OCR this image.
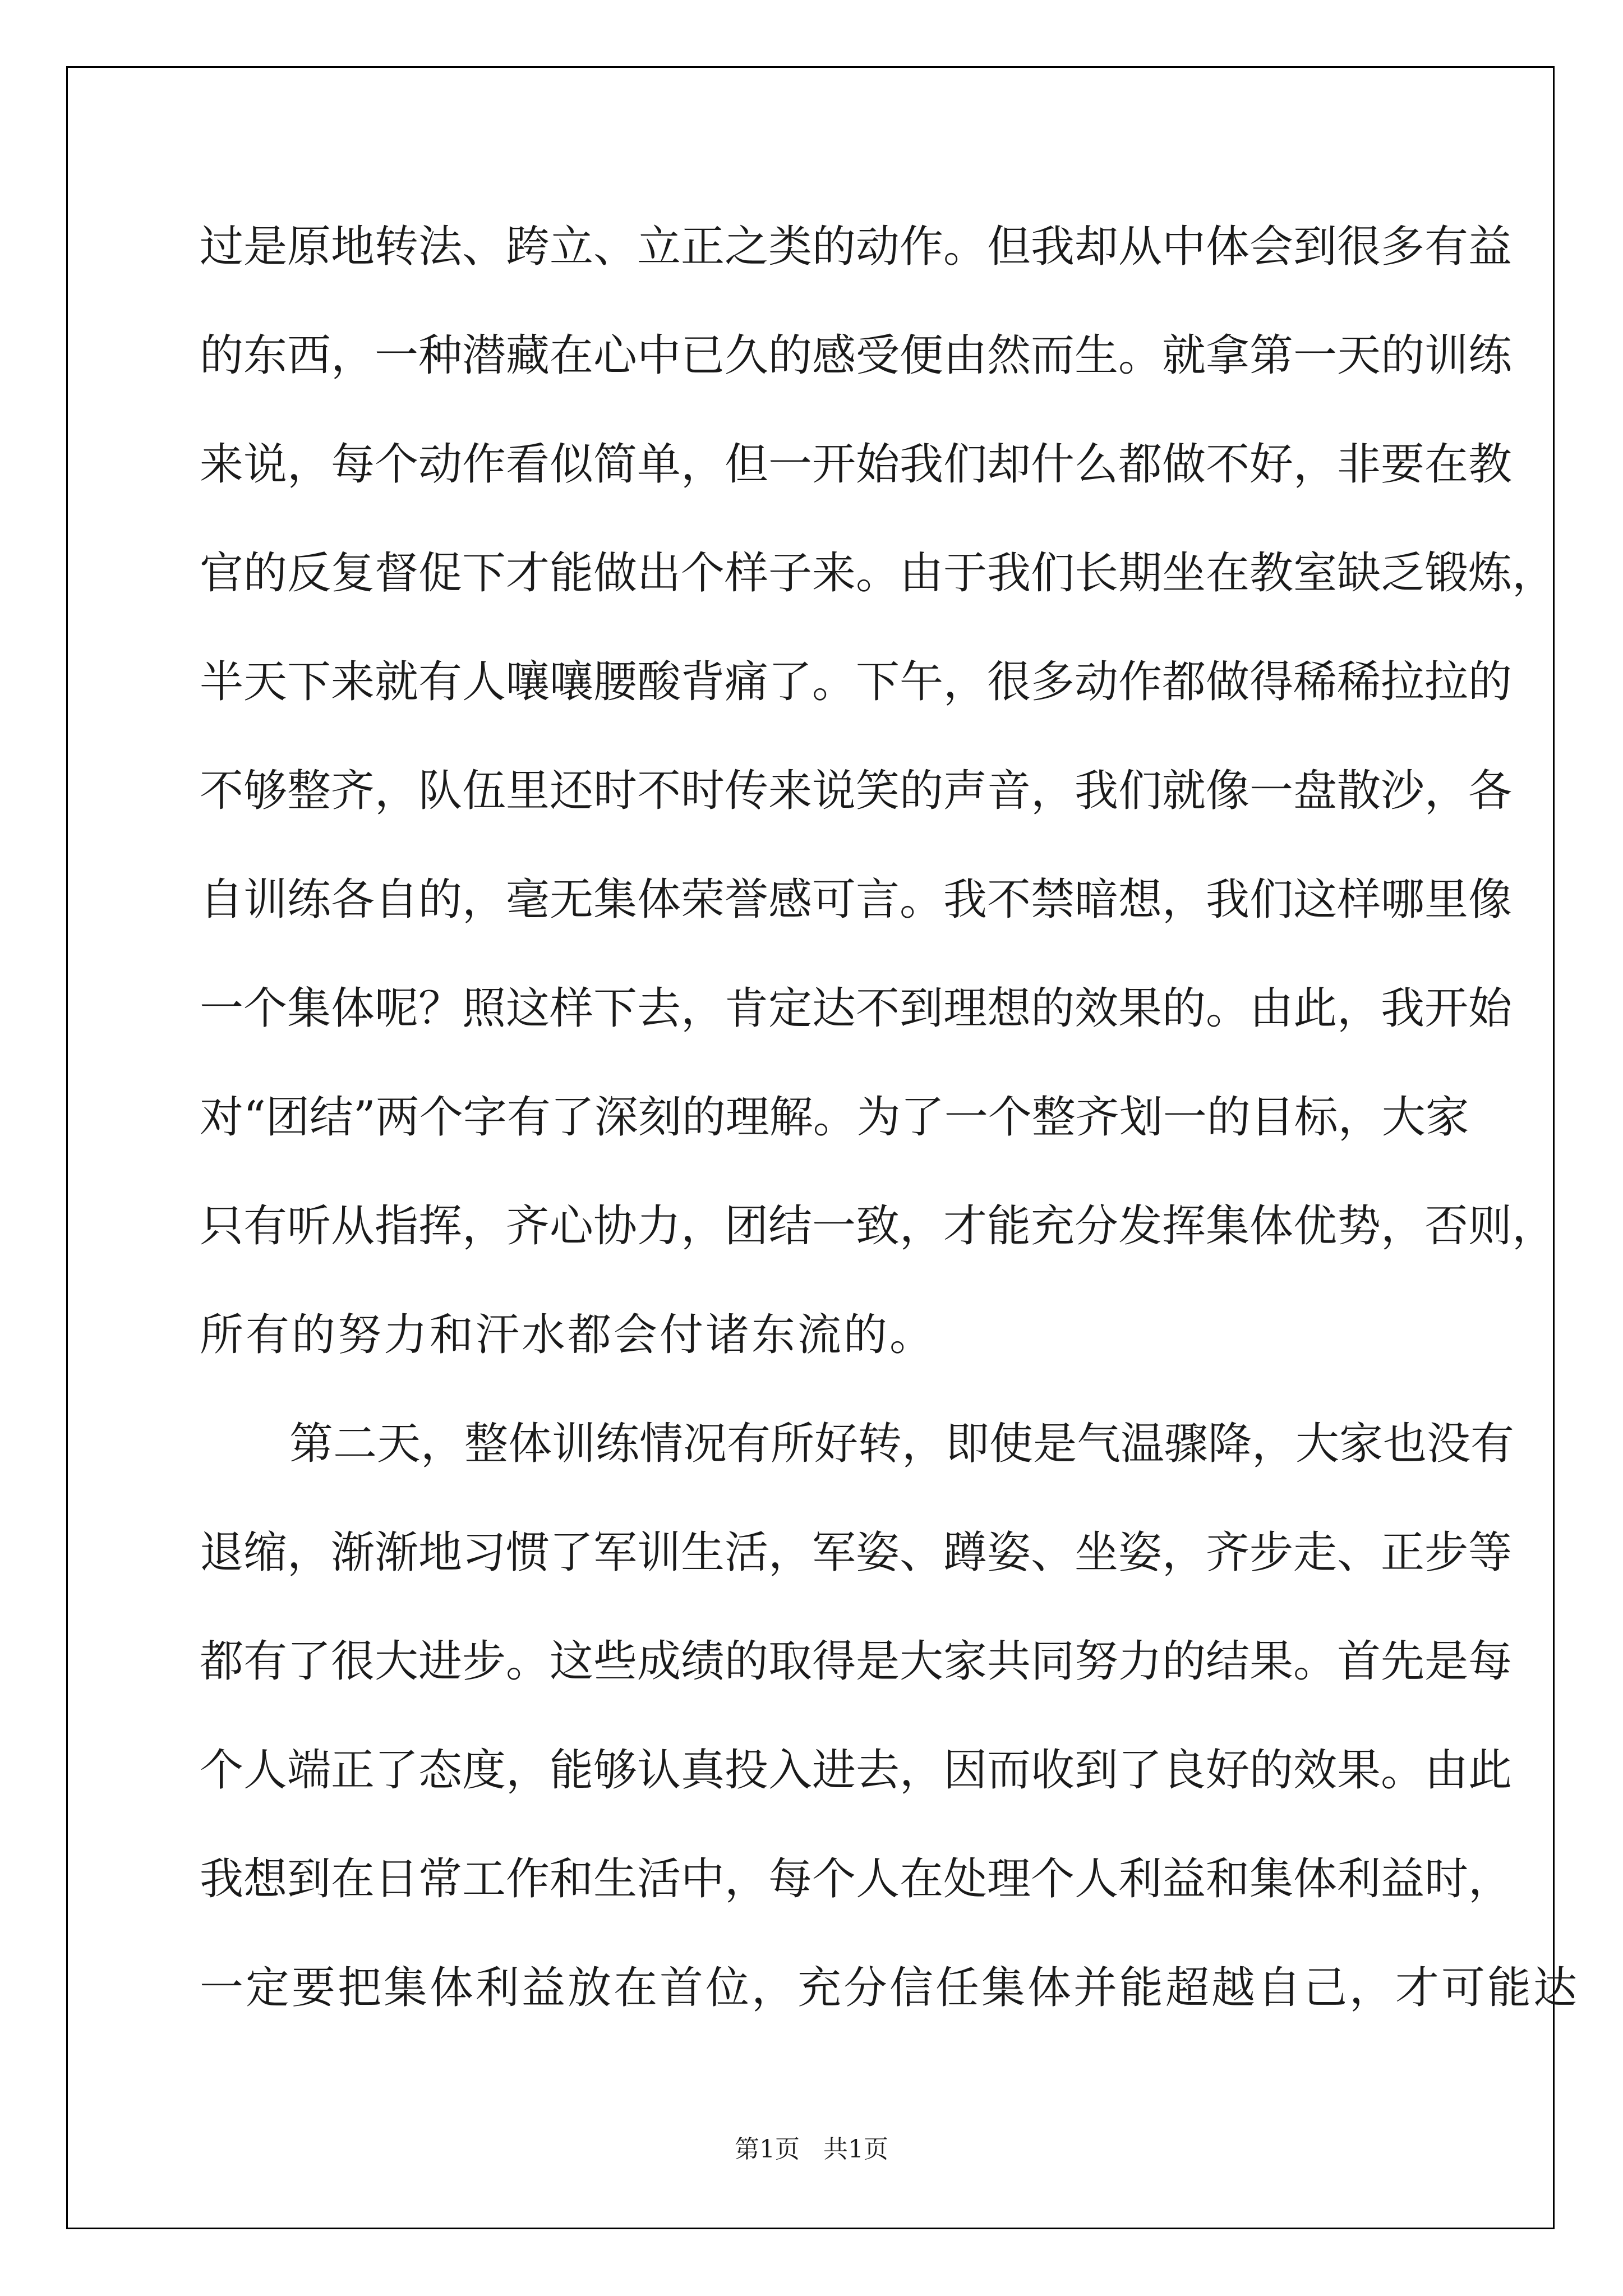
过是原地转法、跨立、立正之类的动作。但我却从中体会到很多有益
的东西，一种潜藏在心中已久的感受便由然而生。就拿第一天的训练
来说，每个动作看似简单，但一开始我们却什么都做不好，非要在教
官的反复督促下才能做出个样子来。由于我们长期坐在教室缺乏锻炼，
半天下来就有人嚷嚷腰酸背痛了。下午，很多动作都做得稀稀拉拉的
不够整齐，队伍里还时不时传来说笑的声音，我们就像一盘散沙，各
自训练各自的，毫无集体荣誉感可言。我不禁暗想，我们这样哪里像
一个集体呢？照这样下去，肯定达不到理想的效果的。由此，我开始
对“团结”两个字有了深刻的理解。为了一个整齐划一的目标，大家
只有听从指挥，齐心协力，团结一致，才能充分发挥集体优势，否则，
所有的努力和汗水都会付诸东流的。
第二天，整体训练情况有所好转，即使是气温骤降，大家也没有
退缩，渐渐地习惯了军训生活，军姿、蹲姿、坐姿，齐步走、正步等
都有了很大进步。这些成绩的取得是大家共同努力的结果。首先是每
个人端正了态度，能够认真投入进去，因而收到了良好的效果。由此
我想到在日常工作和生活中，每个人在处理个人利益和集体利益时，
一定要把集体利益放在首位，充分信任集体并能超越自己，才可能达
第1页   共1页
